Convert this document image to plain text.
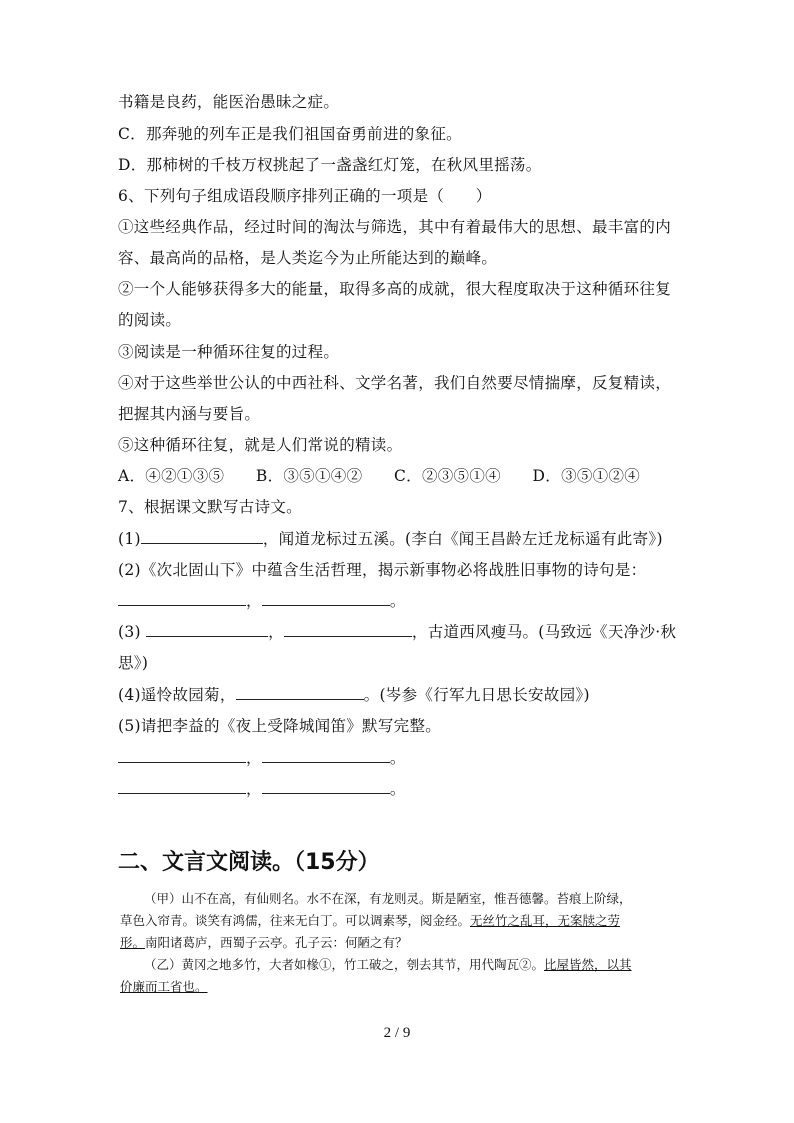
书籍是良药，能医治愚昧之症。
C．那奔驰的列车正是我们祖国奋勇前进的象征。
D．那柿树的千枝万杈挑起了一盏盏红灯笼，在秋风里摇荡。
6、下列句子组成语段顺序排列正确的一项是（　　）
①这些经典作品，经过时间的淘汰与筛选，其中有着最伟大的思想、最丰富的内
容、最高尚的品格，是人类迄今为止所能达到的巅峰。
②一个人能够获得多大的能量，取得多高的成就，很大程度取决于这种循环往复
的阅读。
③阅读是一种循环往复的过程。
④对于这些举世公认的中西社科、文学名著，我们自然要尽情揣摩，反复精读，
把握其内涵与要旨。
⑤这种循环往复，就是人们常说的精读。
A．④②①③⑤　　B．③⑤①④②　　C．②③⑤①④　　D．③⑤①②④
7、根据课文默写古诗文。
(1)	，闻道龙标过五溪。(李白《闻王昌龄左迁龙标遥有此寄》)
(2)《次北固山下》中蕴含生活哲理，揭示新事物必将战胜旧事物的诗句是：
，	。
(3)	，	，古道西风瘦马。(马致远《天净沙·秋
思》)
(4)遥怜故园菊，	。(岑参《行军九日思长安故园》)
(5)请把李益的《夜上受降城闻笛》默写完整。
，	。
，	。
二、文言文阅读。（15分）
（甲）山不在高，有仙则名。水不在深，有龙则灵。斯是陋室，惟吾德馨。苔痕上阶绿，
草色入帘青。谈笑有鸿儒，往来无白丁。可以调素琴，阅金经。无丝竹之乱耳，无案牍之劳
形。南阳诸葛庐，西蜀子云亭。孔子云：何陋之有？
（乙）黄冈之地多竹，大者如椽①，竹工破之，刳去其节，用代陶瓦②。比屋皆然，以其
价廉而工省也。
2 / 9
